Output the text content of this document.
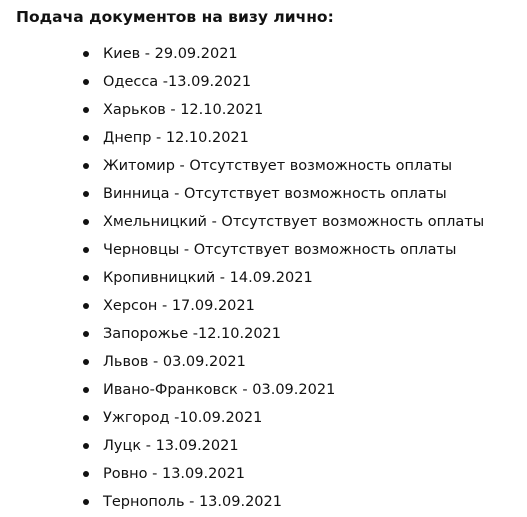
Подача документов на визу лично:
Киев - 29.09.2021
Одесса -13.09.2021
Харьков - 12.10.2021
Днепр - 12.10.2021
Житомир - Отсутствует возможность оплаты
Винница - Отсутствует возможность оплаты
Хмельницкий - Отсутствует возможность оплаты
Черновцы - Отсутствует возможность оплаты
Кропивницкий - 14.09.2021
Херсон - 17.09.2021
Запорожье -12.10.2021
Львов - 03.09.2021
Ивано-Франковск - 03.09.2021
Ужгород -10.09.2021
Луцк - 13.09.2021
Ровно - 13.09.2021
Тернополь - 13.09.2021
